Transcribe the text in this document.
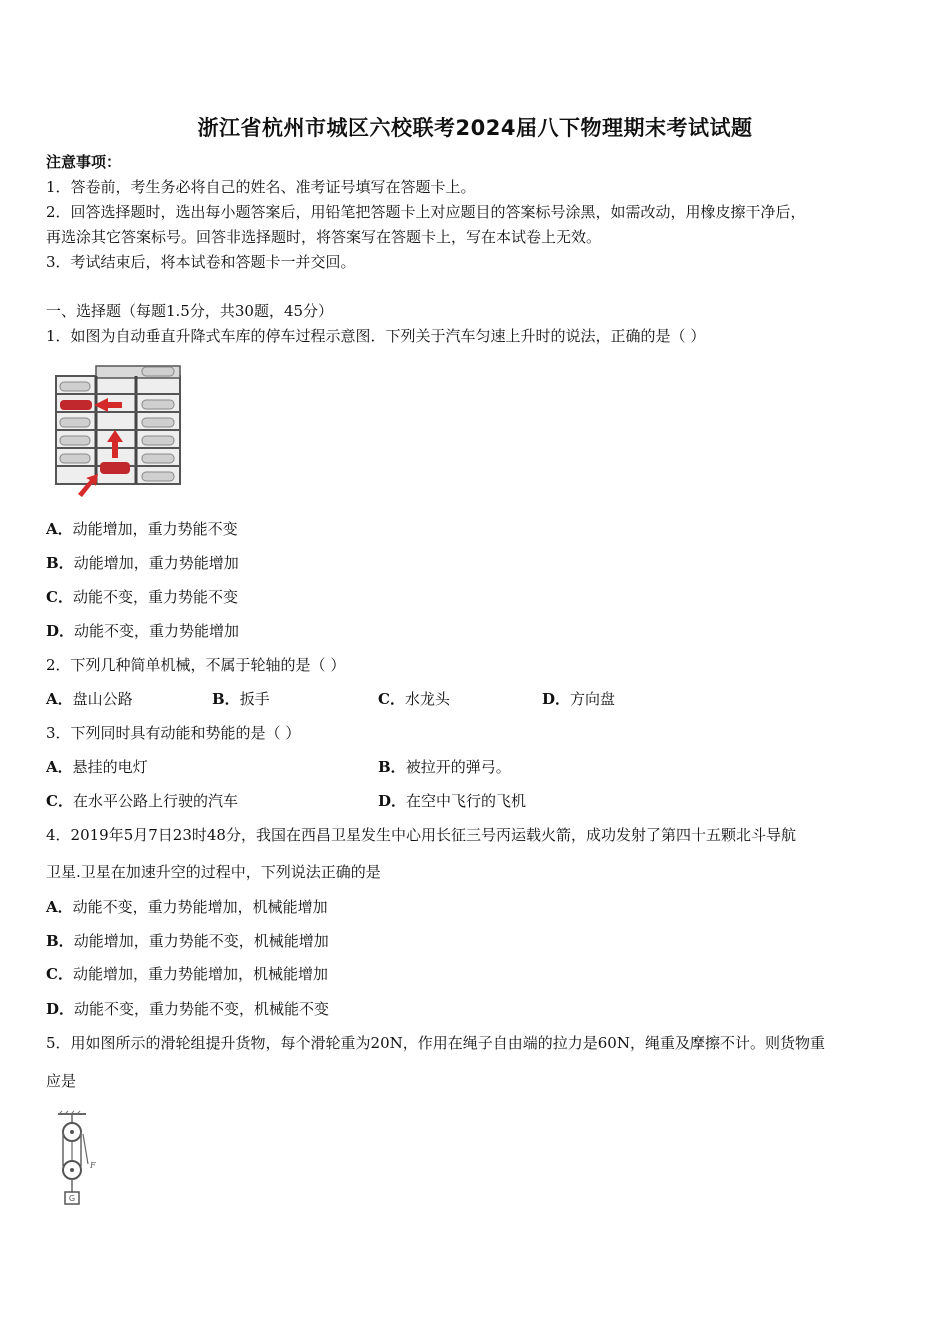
浙江省杭州市城区六校联考2024届八下物理期末考试试题
注意事项：
1．答卷前，考生务必将自己的姓名、准考证号填写在答题卡上。
2．回答选择题时，选出每小题答案后，用铅笔把答题卡上对应题目的答案标号涂黑，如需改动，用橡皮擦干净后，
再选涂其它答案标号。回答非选择题时，将答案写在答题卡上，写在本试卷上无效。
3．考试结束后，将本试卷和答题卡一并交回。
一、选择题（每题1.5分，共30题，45分）
1．如图为自动垂直升降式车库的停车过程示意图．下列关于汽车匀速上升时的说法，正确的是（ ）
A．动能增加，重力势能不变
B．动能增加，重力势能增加
C．动能不变，重力势能不变
D．动能不变，重力势能增加
2．下列几种简单机械，不属于轮轴的是（ ）
A．盘山公路	B．扳手	C．水龙头	D．方向盘
3．下列同时具有动能和势能的是（ ）
A．悬挂的电灯	B．被拉开的弹弓。
C．在水平公路上行驶的汽车	D．在空中飞行的飞机
4．2019年5月7日23时48分，我国在西昌卫星发生中心用长征三号丙运载火箭，成功发射了第四十五颗北斗导航
卫星.卫星在加速升空的过程中，下列说法正确的是
A．动能不变，重力势能增加，机械能增加
B．动能增加，重力势能不变，机械能增加
C．动能增加，重力势能增加，机械能增加
D．动能不变，重力势能不变，机械能不变
5．用如图所示的滑轮组提升货物，每个滑轮重为20N，作用在绳子自由端的拉力是60N，绳重及摩擦不计。则货物重
应是
F
G
